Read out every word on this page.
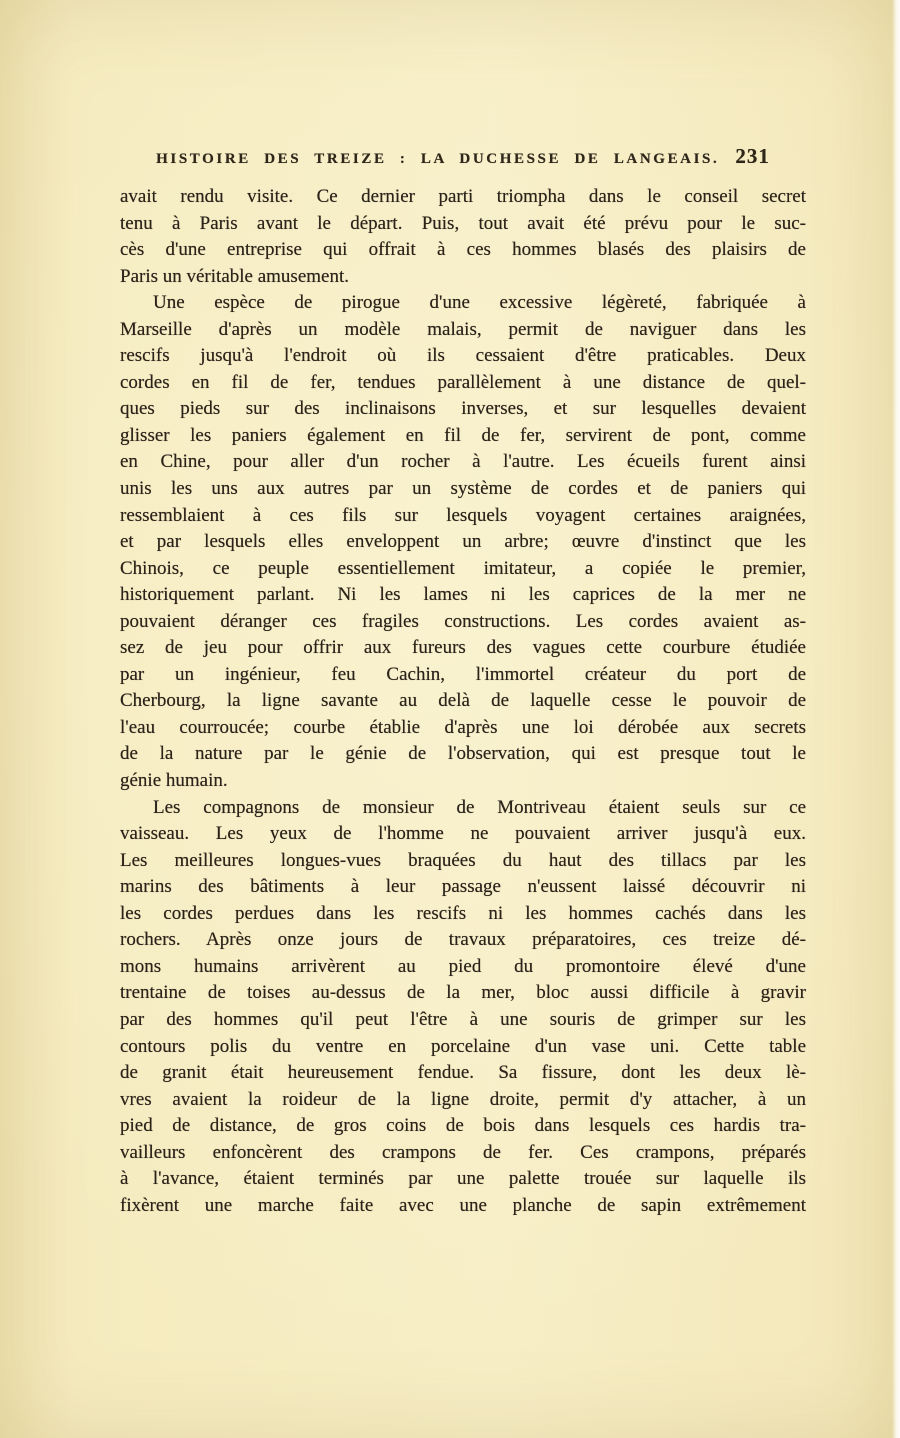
HISTOIRE DES TREIZE : LA DUCHESSE DE LANGEAIS. 231
avait rendu visite. Ce dernier parti triompha dans le conseil secret
tenu à Paris avant le départ. Puis, tout avait été prévu pour le suc-
cès d'une entreprise qui offrait à ces hommes blasés des plaisirs de
Paris un véritable amusement.
Une espèce de pirogue d'une excessive légèreté, fabriquée à
Marseille d'après un modèle malais, permit de naviguer dans les
rescifs jusqu'à l'endroit où ils cessaient d'être praticables. Deux
cordes en fil de fer, tendues parallèlement à une distance de quel-
ques pieds sur des inclinaisons inverses, et sur lesquelles devaient
glisser les paniers également en fil de fer, servirent de pont, comme
en Chine, pour aller d'un rocher à l'autre. Les écueils furent ainsi
unis les uns aux autres par un système de cordes et de paniers qui
ressemblaient à ces fils sur lesquels voyagent certaines araignées,
et par lesquels elles enveloppent un arbre; œuvre d'instinct que les
Chinois, ce peuple essentiellement imitateur, a copiée le premier,
historiquement parlant. Ni les lames ni les caprices de la mer ne
pouvaient déranger ces fragiles constructions. Les cordes avaient as-
sez de jeu pour offrir aux fureurs des vagues cette courbure étudiée
par un ingénieur, feu Cachin, l'immortel créateur du port de
Cherbourg, la ligne savante au delà de laquelle cesse le pouvoir de
l'eau courroucée; courbe établie d'après une loi dérobée aux secrets
de la nature par le génie de l'observation, qui est presque tout le
génie humain.
Les compagnons de monsieur de Montriveau étaient seuls sur ce
vaisseau. Les yeux de l'homme ne pouvaient arriver jusqu'à eux.
Les meilleures longues-vues braquées du haut des tillacs par les
marins des bâtiments à leur passage n'eussent laissé découvrir ni
les cordes perdues dans les rescifs ni les hommes cachés dans les
rochers. Après onze jours de travaux préparatoires, ces treize dé-
mons humains arrivèrent au pied du promontoire élevé d'une
trentaine de toises au-dessus de la mer, bloc aussi difficile à gravir
par des hommes qu'il peut l'être à une souris de grimper sur les
contours polis du ventre en porcelaine d'un vase uni. Cette table
de granit était heureusement fendue. Sa fissure, dont les deux lè-
vres avaient la roideur de la ligne droite, permit d'y attacher, à un
pied de distance, de gros coins de bois dans lesquels ces hardis tra-
vailleurs enfoncèrent des crampons de fer. Ces crampons, préparés
à l'avance, étaient terminés par une palette trouée sur laquelle ils
fixèrent une marche faite avec une planche de sapin extrêmement
